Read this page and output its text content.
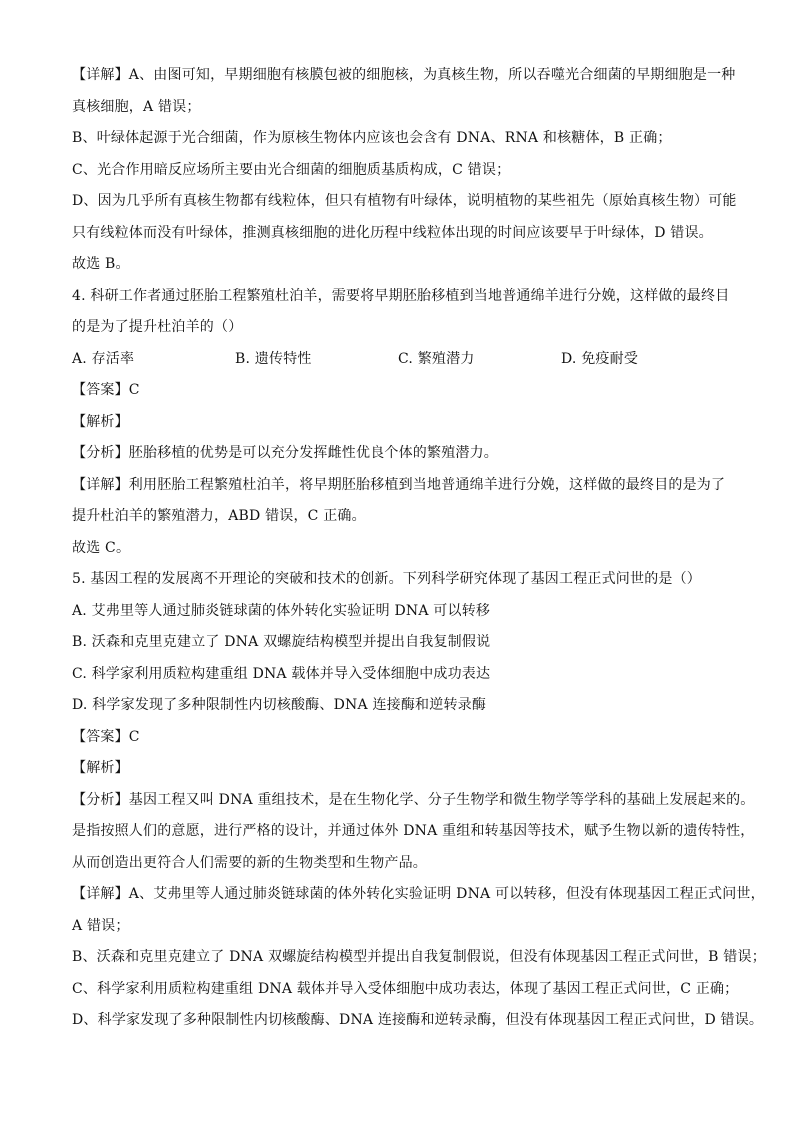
【详解】A、由图可知，早期细胞有核膜包被的细胞核，为真核生物，所以吞噬光合细菌的早期细胞是一种
真核细胞，A 错误；
B、叶绿体起源于光合细菌，作为原核生物体内应该也会含有 DNA、RNA 和核糖体，B 正确；
C、光合作用暗反应场所主要由光合细菌的细胞质基质构成，C 错误；
D、因为几乎所有真核生物都有线粒体，但只有植物有叶绿体，说明植物的某些祖先（原始真核生物）可能
只有线粒体而没有叶绿体，推测真核细胞的进化历程中线粒体出现的时间应该要早于叶绿体，D 错误。
故选 B。
4. 科研工作者通过胚胎工程繁殖杜泊羊，需要将早期胚胎移植到当地普通绵羊进行分娩，这样做的最终目
的是为了提升杜泊羊的（）
A. 存活率	B. 遗传特性	C. 繁殖潜力	D. 免疫耐受
【答案】C
【解析】
【分析】胚胎移植的优势是可以充分发挥雌性优良个体的繁殖潜力。
【详解】利用胚胎工程繁殖杜泊羊，将早期胚胎移植到当地普通绵羊进行分娩，这样做的最终目的是为了
提升杜泊羊的繁殖潜力，ABD 错误，C 正确。
故选 C。
5. 基因工程的发展离不开理论的突破和技术的创新。下列科学研究体现了基因工程正式问世的是（）
A. 艾弗里等人通过肺炎链球菌的体外转化实验证明 DNA 可以转移
B. 沃森和克里克建立了 DNA 双螺旋结构模型并提出自我复制假说
C. 科学家利用质粒构建重组 DNA 载体并导入受体细胞中成功表达
D. 科学家发现了多种限制性内切核酸酶、DNA 连接酶和逆转录酶
【答案】C
【解析】
【分析】基因工程又叫 DNA 重组技术，是在生物化学、分子生物学和微生物学等学科的基础上发展起来的。
是指按照人们的意愿，进行严格的设计，并通过体外 DNA 重组和转基因等技术，赋予生物以新的遗传特性，
从而创造出更符合人们需要的新的生物类型和生物产品。
【详解】A、艾弗里等人通过肺炎链球菌的体外转化实验证明 DNA 可以转移，但没有体现基因工程正式问世，
A 错误；
B、沃森和克里克建立了 DNA 双螺旋结构模型并提出自我复制假说，但没有体现基因工程正式问世，B 错误；
C、科学家利用质粒构建重组 DNA 载体并导入受体细胞中成功表达，体现了基因工程正式问世，C 正确；
D、科学家发现了多种限制性内切核酸酶、DNA 连接酶和逆转录酶，但没有体现基因工程正式问世，D 错误。
